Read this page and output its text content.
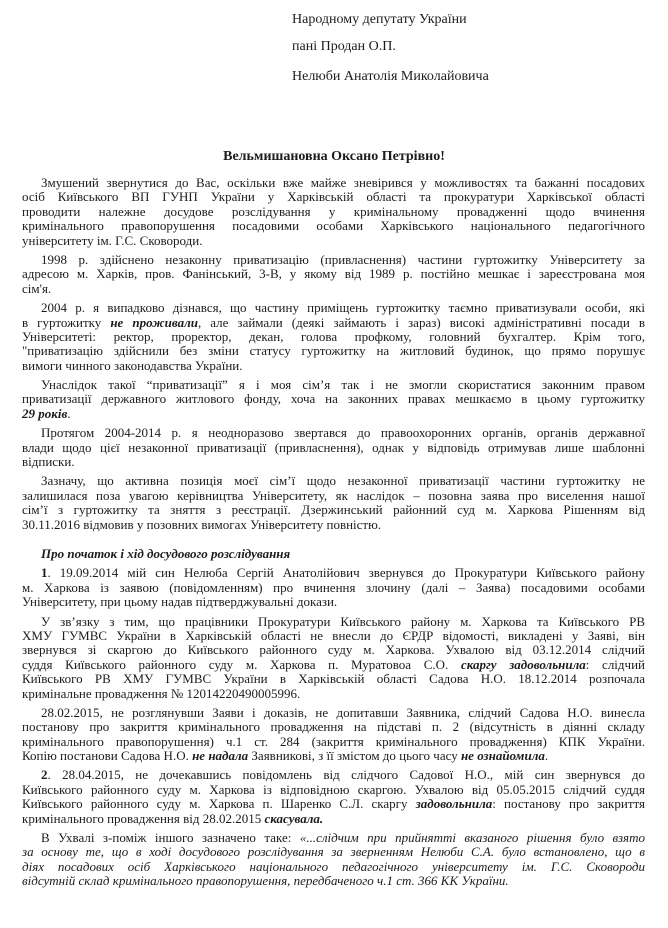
Народному депутату України
пані Продан О.П.
Нелюби Анатолія Миколайовича
Вельмишановна Оксано Петрівно!
Змушений звернутися до Вас, оскільки вже майже зневірився у можливостях та бажанні посадових
осіб Київського ВП ГУНП України у Харківській області та прокуратури Харківської області
проводити належне досудове розслідування у кримінальному провадженні щодо вчинення
кримінального правопорушення посадовими особами Харківського національного педагогічного
університету ім. Г.С. Сковороди.
1998 р. здійснено незаконну приватизацію (привласнення) частини гуртожитку Університету за
адресою м. Харків, пров. Фанінський, 3-В, у якому від 1989 р. постійно мешкає і зареєстрована моя
сім'я.
2004 р. я випадково дізнався, що частину приміщень гуртожитку таємно приватизували особи, які
в гуртожитку не проживали, але займали (деякі займають і зараз) високі адміністративні посади в
Університеті: ректор, проректор, декан, голова профкому, головний бухгалтер. Крім того,
"приватизацію здійснили без зміни статусу гуртожитку на житловий будинок, що прямо порушує
вимоги чинного законодавства України.
Унаслідок такої “приватизації” я і моя сім’я так і не змогли скористатися законним правом
приватизації державного житлового фонду, хоча на законних правах мешкаємо в цьому гуртожитку
29 років.
Протягом 2004-2014 р. я неодноразово звертався до правоохоронних органів, органів державної
влади щодо цієї незаконної приватизації (привласнення), однак у відповідь отримував лише шаблонні
відписки.
Зазначу, що активна позиція моєї сім’ї щодо незаконної приватизації частини гуртожитку не
залишилася поза увагою керівництва Університету, як наслідок – позовна заява про виселення нашої
сім’ї з гуртожитку та зняття з реєстрації. Дзержинський районний суд м. Харкова Рішенням від
30.11.2016 відмовив у позовних вимогах Університету повністю.
Про початок і хід досудового розслідування
1. 19.09.2014 мій син Нелюба Сергій Анатолійович звернувся до Прокуратури Київського району
м. Харкова із заявою (повідомленням) про вчинення злочину (далі – Заява) посадовими особами
Університету, при цьому надав підтверджувальні докази.
У зв’язку з тим, що працівники Прокуратури Київського району м. Харкова та Київського РВ
ХМУ ГУМВС України в Харківській області не внесли до ЄРДР відомості, викладені у Заяві, він
звернувся зі скаргою до Київського районного суду м. Харкова. Ухвалою від 03.12.2014 слідчий
суддя Київського районного суду м. Харкова п. Муратовоа С.О. скаргу задовольнила: слідчий
Київського РВ ХМУ ГУМВС України в Харківській області Садова Н.О. 18.12.2014 розпочала
кримінальне провадження № 12014220490005996.
28.02.2015, не розглянувши Заяви і доказів, не допитавши Заявника, слідчий Садова Н.О. винесла
постанову про закриття кримінального провадження на підставі п. 2 (відсутність в діянні складу
кримінального правопорушення) ч.1 ст. 284 (закриття кримінального провадження) КПК України.
Копію постанови Садова Н.О. не надала Заявникові, з її змістом до цього часу не ознайомила.
2. 28.04.2015, не дочекавшись повідомлень від слідчого Садової Н.О., мій син звернувся до
Київського районного суду м. Харкова із відповідною скаргою. Ухвалою від 05.05.2015 слідчий суддя
Київського районного суду м. Харкова п. Шаренко С.Л. скаргу задовольнила: постанову про закриття
кримінального провадження від 28.02.2015 скасувала.
В Ухвалі з-поміж іншого зазначено таке: «...слідчим при прийнятті вказаного рішення було взято
за основу те, що в ході досудового розслідування за зверненням Нелюби С.А. було встановлено, що в
діях посадових осіб Харківського національного педагогічного університету ім. Г.С. Сковороди
відсутній склад кримінального правопорушення, передбаченого ч.1 ст. 366 КК України.
